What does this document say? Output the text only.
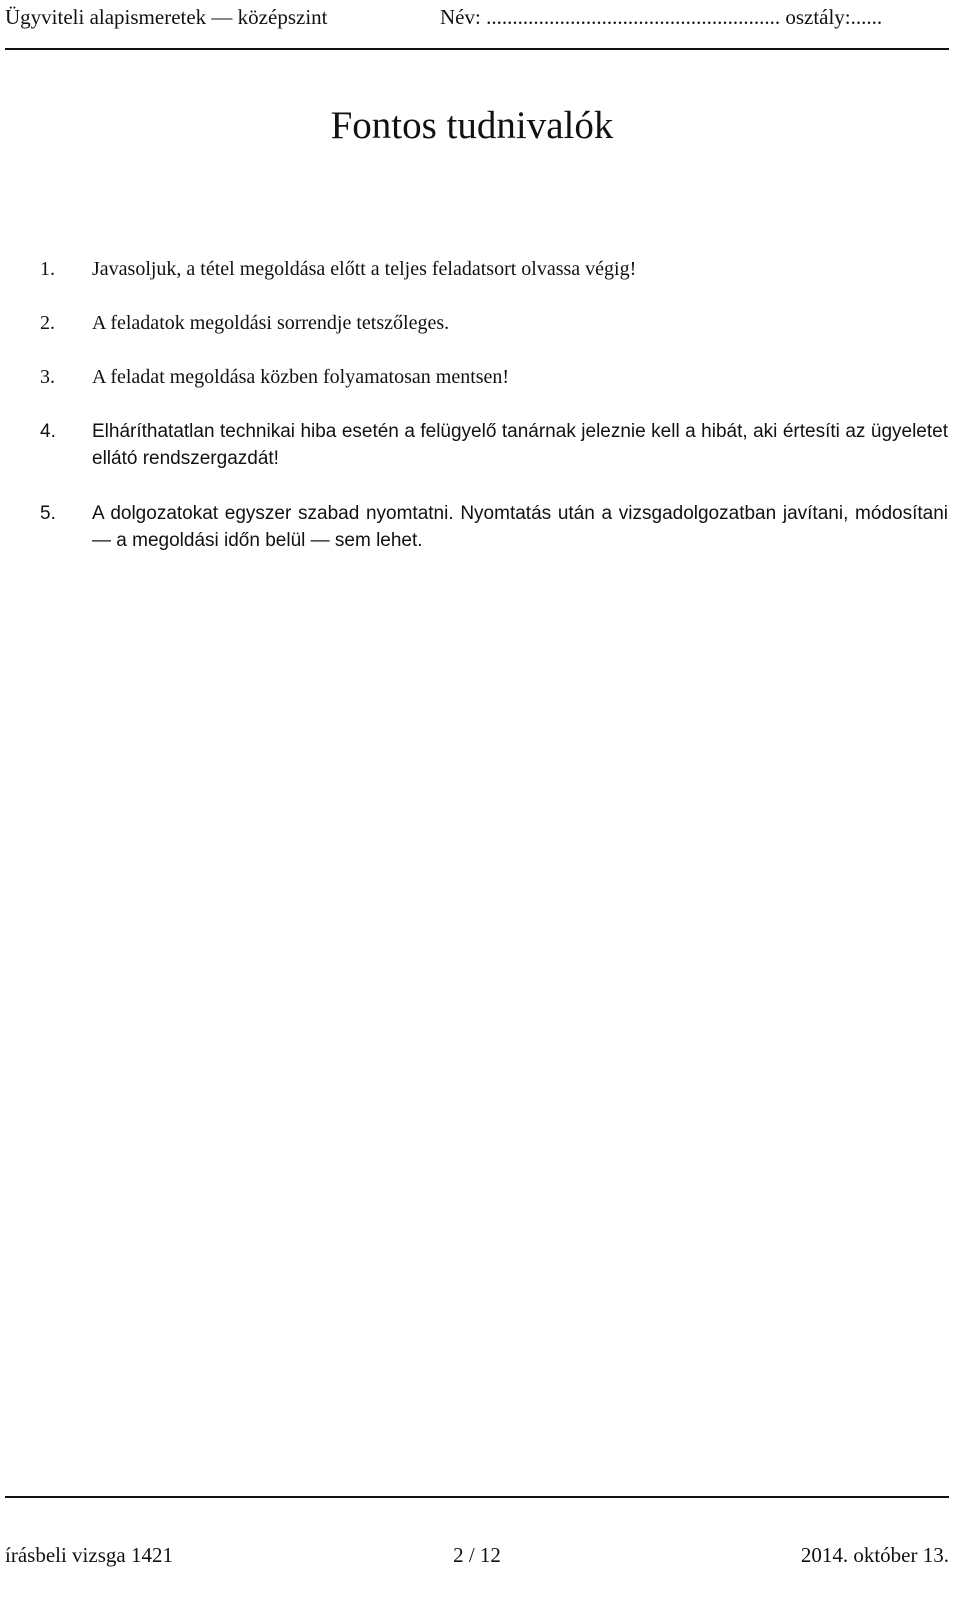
Ügyviteli alapismeretek — középszint	Név: ........................................................ osztály:......
Fontos tudnivalók
1.	Javasoljuk, a tétel megoldása előtt a teljes feladatsort olvassa végig!
2.	A feladatok megoldási sorrendje tetszőleges.
3.	A feladat megoldása közben folyamatosan mentsen!
4.	Elháríthatatlan technikai hiba esetén a felügyelő tanárnak jeleznie kell a hibát, aki értesíti az ügyeletet ellátó rendszergazdát!
5.	A dolgozatokat egyszer szabad nyomtatni. Nyomtatás után a vizsgadolgozatban javítani, módosítani — a megoldási időn belül — sem lehet.
írásbeli vizsga 1421	2 / 12	2014. október 13.
